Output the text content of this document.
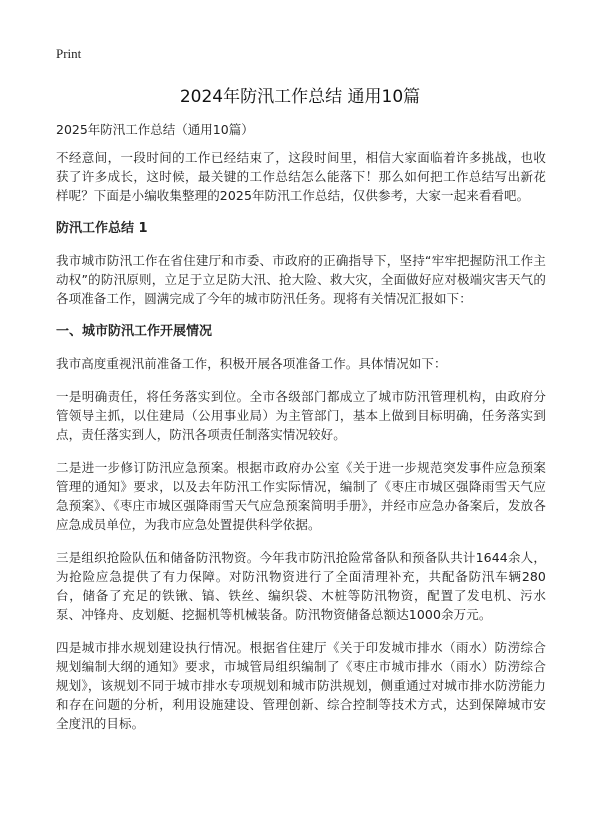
Print
2024年防汛工作总结 通用10篇

2025年防汛工作总结（通用10篇）

不经意间，一段时间的工作已经结束了，这段时间里，相信大家面临着许多挑战，也收获了许多成长，这时候，最关键的工作总结怎么能落下！那么如何把工作总结写出新花样呢？下面是小编收集整理的2025年防汛工作总结，仅供参考，大家一起来看看吧。

防汛工作总结 1

我市城市防汛工作在省住建厅和市委、市政府的正确指导下，坚持“牢牢把握防汛工作主动权”的防汛原则，立足于立足防大汛、抢大险、救大灾，全面做好应对极端灾害天气的各项准备工作，圆满完成了今年的城市防汛任务。现将有关情况汇报如下：

一、城市防汛工作开展情况

我市高度重视汛前准备工作，积极开展各项准备工作。具体情况如下：

一是明确责任，将任务落实到位。全市各级部门都成立了城市防汛管理机构，由政府分管领导主抓，以住建局（公用事业局）为主管部门，基本上做到目标明确，任务落实到点，责任落实到人，防汛各项责任制落实情况较好。

二是进一步修订防汛应急预案。根据市政府办公室《关于进一步规范突发事件应急预案管理的通知》要求，以及去年防汛工作实际情况，编制了《枣庄市城区强降雨雪天气应急预案》、《枣庄市城区强降雨雪天气应急预案简明手册》，并经市应急办备案后，发放各应急成员单位，为我市应急处置提供科学依据。

三是组织抢险队伍和储备防汛物资。今年我市防汛抢险常备队和预备队共计1644余人，为抢险应急提供了有力保障。对防汛物资进行了全面清理补充，共配备防汛车辆280台，储备了充足的铁锹、镐、铁丝、编织袋、木桩等防汛物资，配置了发电机、污水泵、冲锋舟、皮划艇、挖掘机等机械装备。防汛物资储备总额达1000余万元。

四是城市排水规划建设执行情况。根据省住建厅《关于印发城市排水（雨水）防涝综合规划编制大纲的通知》要求，市城管局组织编制了《枣庄市城市排水（雨水）防涝综合规划》，该规划不同于城市排水专项规划和城市防洪规划，侧重通过对城市排水防涝能力和存在问题的分析，利用设施建设、管理创新、综合控制等技术方式，达到保障城市安全度汛的目标。
